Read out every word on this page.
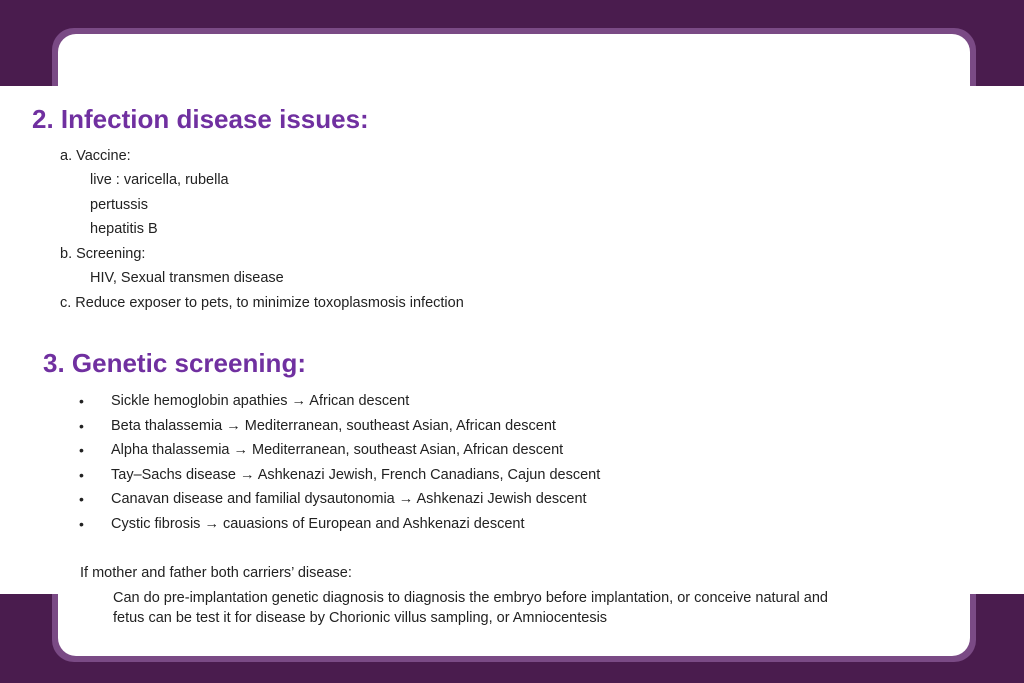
2. Infection disease issues:
a. Vaccine:
live : varicella, rubella
pertussis
hepatitis B
b. Screening:
HIV, Sexual transmen disease
c. Reduce exposer to pets, to minimize toxoplasmosis infection
3. Genetic screening:
• Sickle hemoglobin apathies → African descent
• Beta thalassemia → Mediterranean, southeast Asian, African descent
• Alpha thalassemia → Mediterranean, southeast Asian, African descent
• Tay–Sachs disease → Ashkenazi Jewish, French Canadians, Cajun descent
• Canavan disease and familial dysautonomia → Ashkenazi Jewish descent
• Cystic fibrosis → cauasions of European and Ashkenazi descent
If mother and father both carriers’ disease:
Can do pre-implantation genetic diagnosis to diagnosis the embryo before implantation, or conceive natural and
fetus can be test it for disease by Chorionic villus sampling, or Amniocentesis
